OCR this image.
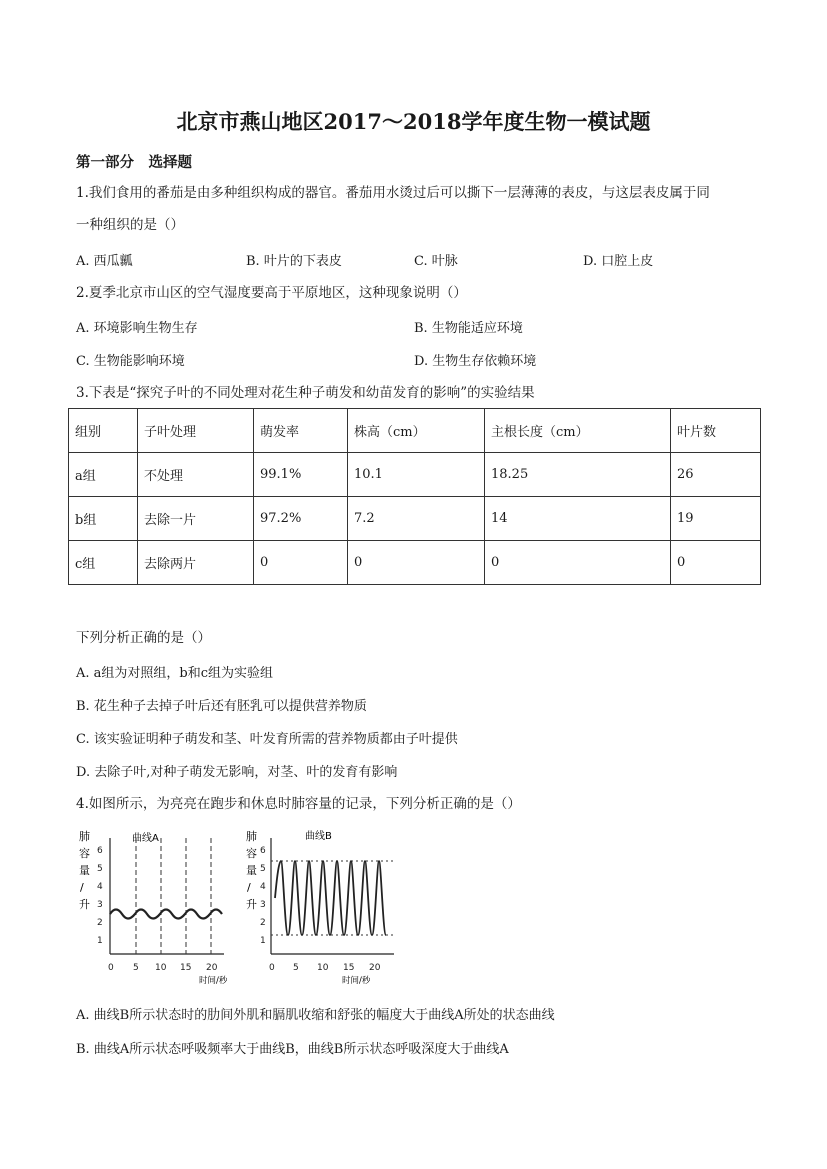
北京市燕山地区2017～2018学年度生物一模试题
第一部分　选择题
1.我们食用的番茄是由多种组织构成的器官。番茄用水烫过后可以撕下一层薄薄的表皮，与这层表皮属于同
一种组织的是（）
A. 西瓜瓤	B. 叶片的下表皮	C. 叶脉	D. 口腔上皮
2.夏季北京市山区的空气湿度要高于平原地区，这种现象说明（）
A. 环境影响生物生存	B. 生物能适应环境
C. 生物能影响环境	D. 生物生存依赖环境
3.下表是“探究子叶的不同处理对花生种子萌发和幼苗发育的影响”的实验结果
组别	子叶处理	萌发率	株高（cm）	主根长度（cm）	叶片数
a组	不处理	99.1%	10.1	18.25	26
b组	去除一片	97.2%	7.2	14	19
c组	去除两片	0	0	0	0
下列分析正确的是（）
A. a组为对照组，b和c组为实验组
B. 花生种子去掉子叶后还有胚乳可以提供营养物质
C. 该实验证明种子萌发和茎、叶发育所需的营养物质都由子叶提供
D. 去除子叶,对种子萌发无影响，对茎、叶的发育有影响
4.如图所示，为亮亮在跑步和休息时肺容量的记录，下列分析正确的是（）
肺
容
量
/
升
曲线A
1
2
3
4
5
6
0 5 10 15 20
时间/秒
肺
容
量
/
升
曲线B
1
2
3
4
5
6
0 5 10 15 20
时间/秒
A. 曲线B所示状态时的肋间外肌和膈肌收缩和舒张的幅度大于曲线A所处的状态曲线
B. 曲线A所示状态呼吸频率大于曲线B，曲线B所示状态呼吸深度大于曲线A
